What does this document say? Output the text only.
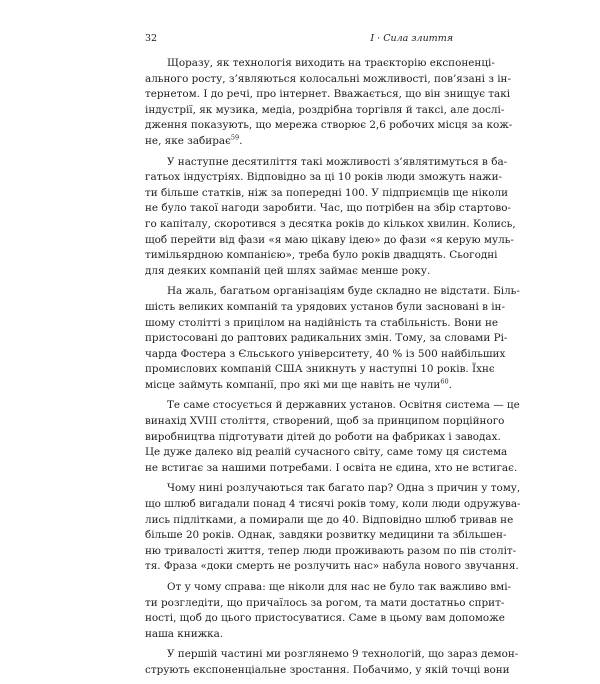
32	I · Сила злиття
Щоразу, як технологія виходить на траєкторію експоненці-
ального росту, з’являються колосальні можливості, пов’язані з ін-
тернетом. І до речі, про інтернет. Вважається, що він знищує такі
індустрії, як музика, медіа, роздрібна торгівля й таксі, але дослі-
дження показують, що мережа створює 2,6 робочих місця за кож-
не, яке забирає$^{59}$.
У наступне десятиліття такі можливості з’являтимуться в ба-
гатьох індустріях. Відповідно за ці 10 років люди зможуть нажи-
ти більше статків, ніж за попередні 100. У підприємців ще ніколи
не було такої нагоди заробити. Час, що потрібен на збір стартово-
го капіталу, скоротився з десятка років до кількох хвилин. Колись,
щоб перейти від фази «я маю цікаву ідею» до фази «я керую муль-
тимільярдною компанією», треба було років двадцять. Сьогодні
для деяких компаній цей шлях займає менше року.
На жаль, багатьом організаціям буде складно не відстати. Біль-
шість великих компаній та урядових установ були засновані в ін-
шому столітті з прицілом на надійність та стабільність. Вони не
пристосовані до раптових радикальних змін. Тому, за словами Рі-
чарда Фостера з Єльського університету, 40 % із 500 найбільших
промислових компаній США зникнуть у наступні 10 років. Їхнє
місце займуть компанії, про які ми ще навіть не чули$^{60}$.
Те саме стосується й державних установ. Освітня система — це
винахід XVIII століття, створений, щоб за принципом порційного
виробництва підготувати дітей до роботи на фабриках і заводах.
Це дуже далеко від реалій сучасного світу, саме тому ця система
не встигає за нашими потребами. І освіта не єдина, хто не встигає.
Чому нині розлучаються так багато пар? Одна з причин у тому,
що шлюб вигадали понад 4 тисячі років тому, коли люди одружува-
лись підлітками, а помирали ще до 40. Відповідно шлюб тривав не
більше 20 років. Однак, завдяки розвитку медицини та збільшен-
ню тривалості життя, тепер люди проживають разом по пів століт-
тя. Фраза «доки смерть не розлучить нас» набула нового звучання.
От у чому справа: ще ніколи для нас не було так важливо вмі-
ти розгледіти, що причаїлось за рогом, та мати достатньо сприт-
ності, щоб до цього пристосуватися. Саме в цьому вам допоможе
наша книжка.
У першій частині ми розглянемо 9 технологій, що зараз демон-
струють експоненціальне зростання. Побачимо, у якій точці вони
